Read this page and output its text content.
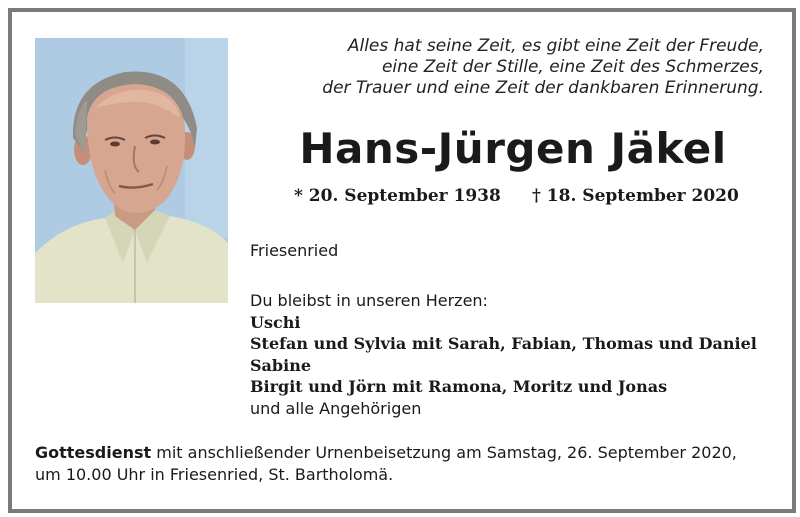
Alles hat seine Zeit, es gibt eine Zeit der Freude,
eine Zeit der Stille, eine Zeit des Schmerzes,
der Trauer und eine Zeit der dankbaren Erinnerung.
Hans-Jürgen Jäkel
* 20. September 1938 † 18. September 2020
Friesenried
Du bleibst in unseren Herzen:
Uschi
Stefan und Sylvia mit Sarah, Fabian, Thomas und Daniel
Sabine
Birgit und Jörn mit Ramona, Moritz und Jonas
und alle Angehörigen
Gottesdienst mit anschließender Urnenbeisetzung am Samstag, 26. September 2020,
um 10.00 Uhr in Friesenried, St. Bartholomä.
